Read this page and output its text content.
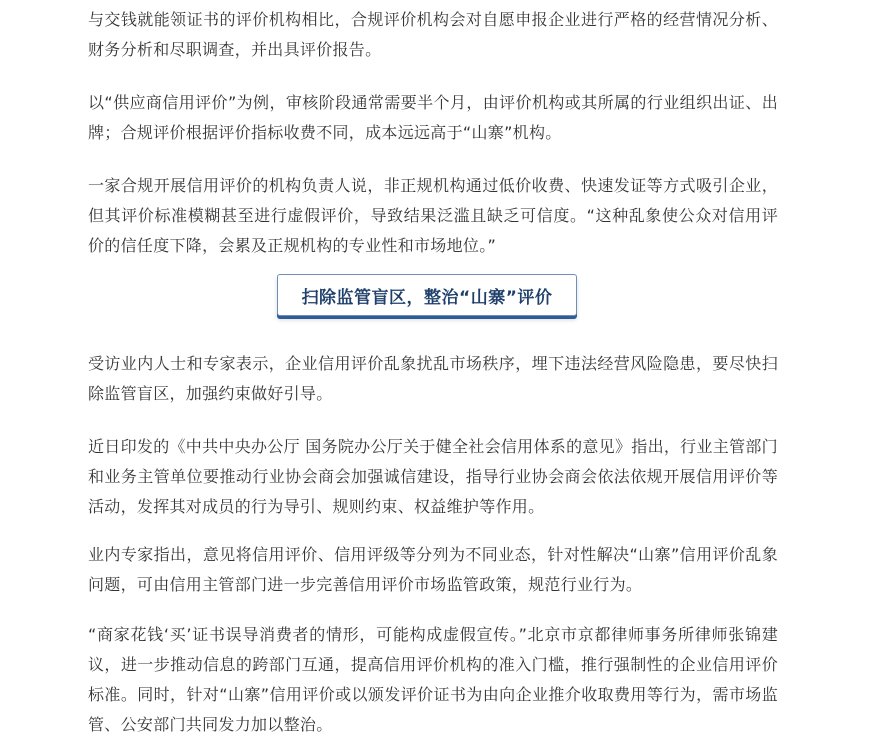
与交钱就能领证书的评价机构相比，合规评价机构会对自愿申报企业进行严格的经营情况分析、财务分析和尽职调查，并出具评价报告。

以“供应商信用评价”为例，审核阶段通常需要半个月，由评价机构或其所属的行业组织出证、出牌；合规评价根据评价指标收费不同，成本远远高于“山寨”机构。

一家合规开展信用评价的机构负责人说，非正规机构通过低价收费、快速发证等方式吸引企业，但其评价标准模糊甚至进行虚假评价，导致结果泛滥且缺乏可信度。“这种乱象使公众对信用评价的信任度下降，会累及正规机构的专业性和市场地位。”

受访业内人士和专家表示，企业信用评价乱象扰乱市场秩序，埋下违法经营风险隐患，要尽快扫除监管盲区，加强约束做好引导。

近日印发的《中共中央办公厅 国务院办公厅关于健全社会信用体系的意见》指出，行业主管部门和业务主管单位要推动行业协会商会加强诚信建设，指导行业协会商会依法依规开展信用评价等活动，发挥其对成员的行为导引、规则约束、权益维护等作用。

业内专家指出，意见将信用评价、信用评级等分列为不同业态，针对性解决“山寨”信用评价乱象问题，可由信用主管部门进一步完善信用评价市场监管政策，规范行业行为。

“商家花钱‘买’证书误导消费者的情形，可能构成虚假宣传。”北京市京都律师事务所律师张锦建议，进一步推动信息的跨部门互通，提高信用评价机构的准入门槛，推行强制性的企业信用评价标准。同时，针对“山寨”信用评价或以颁发评价证书为由向企业推介收取费用等行为，需市场监管、公安部门共同发力加以整治。

扫除监管盲区，整治“山寨”评价
